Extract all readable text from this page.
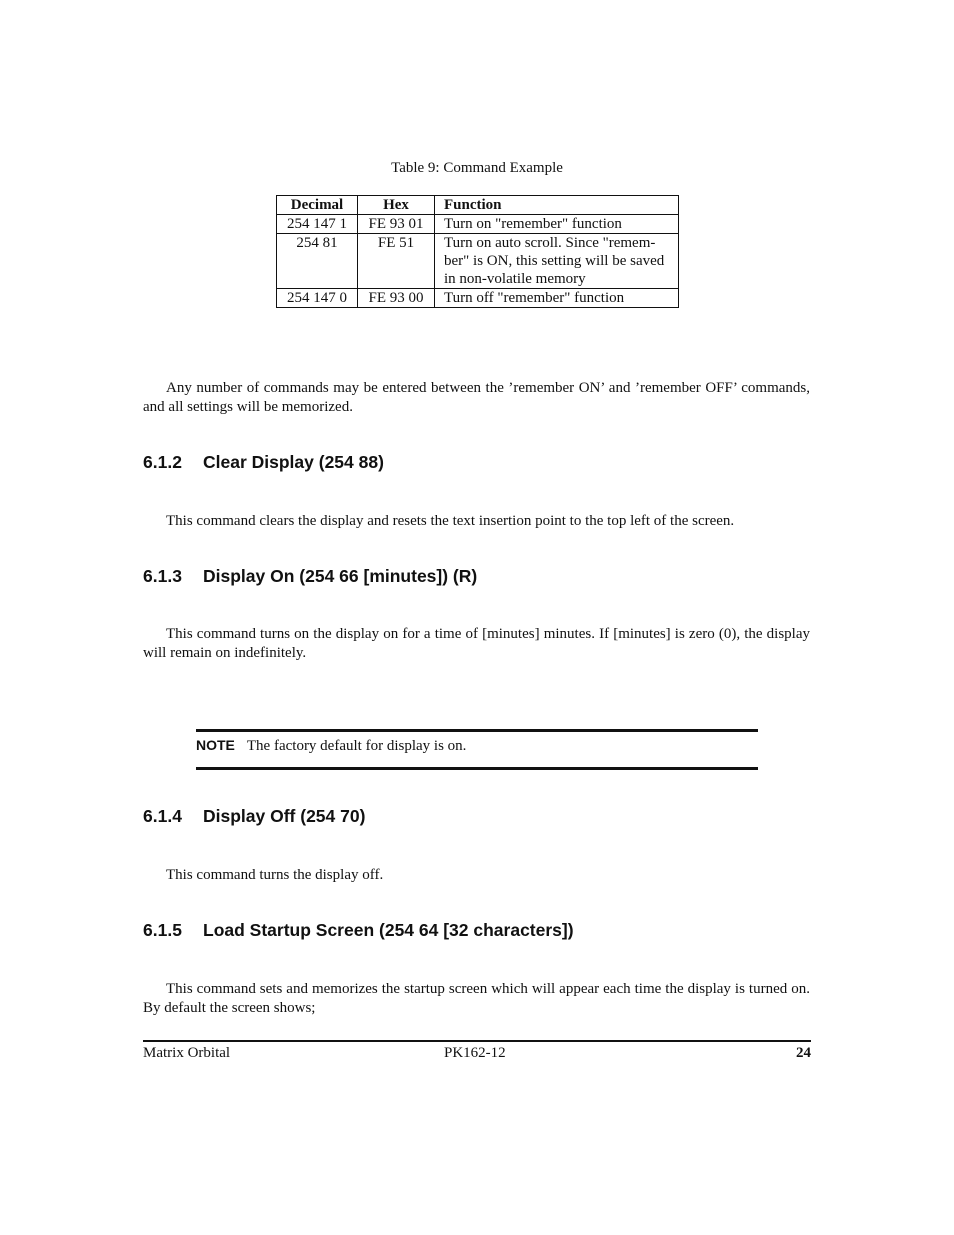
Table 9: Command Example
Decimal	Hex	Function
254 147 1	FE 93 01	Turn on "remember" function
254 81	FE 51	Turn on auto scroll. Since "remem-
ber" is ON, this setting will be saved
in non-volatile memory

254 147 0	FE 93 00	Turn off "remember" function
Any number of commands may be entered between the ’remember ON’ and ’remember OFF’ commands, and all settings will be memorized.
6.1.2 Clear Display (254 88)
This command clears the display and resets the text insertion point to the top left of the screen.
6.1.3 Display On (254 66 [minutes]) (R)
This command turns on the display on for a time of [minutes] minutes. If [minutes] is zero (0), the display will remain on indefinitely.
NOTE The factory default for display is on.
6.1.4 Display Off (254 70)
This command turns the display off.
6.1.5 Load Startup Screen (254 64 [32 characters])
This command sets and memorizes the startup screen which will appear each time the display is turned on. By default the screen shows;
Matrix Orbital	PK162-12	24
